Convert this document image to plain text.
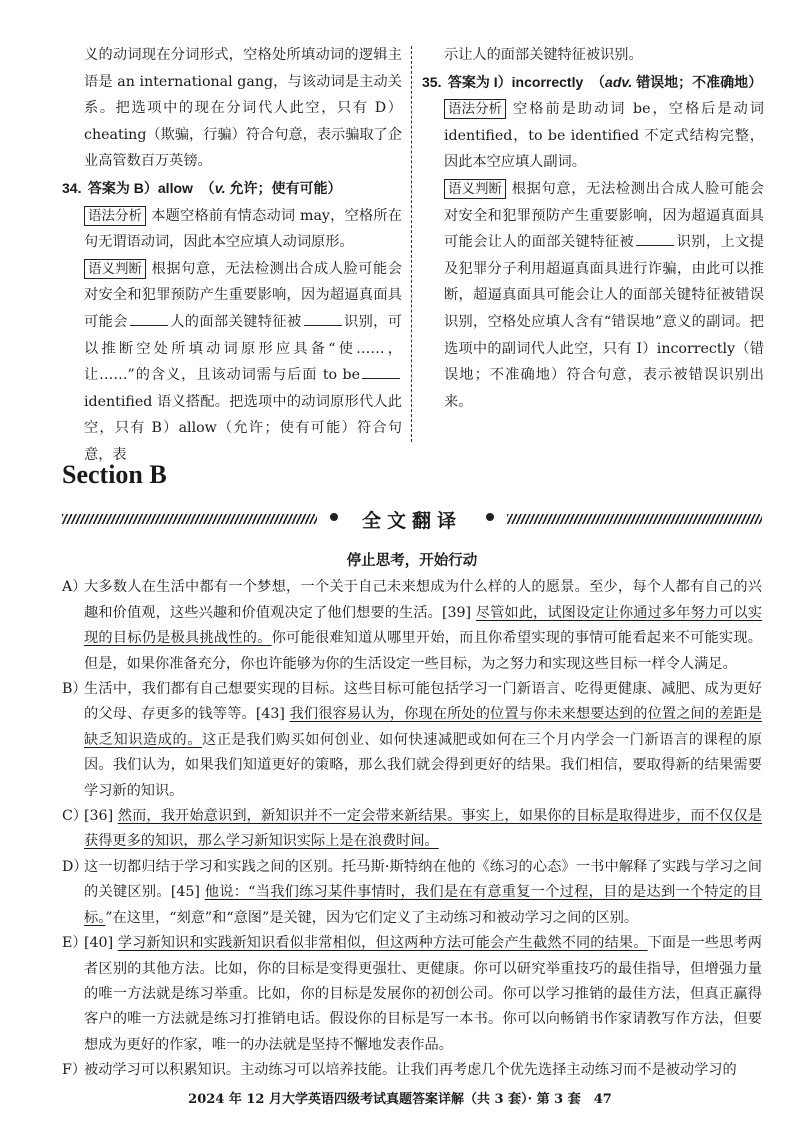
义的动词现在分词形式，空格处所填动词的逻辑主语是 an international gang，与该动词是主动关系。把选项中的现在分词代人此空，只有 D）cheating（欺骗，行骗）符合句意，表示骗取了企业高管数百万英镑。
34. 答案为 B）allow  （v. 允许；使有可能）
语法分析 本题空格前有情态动词 may，空格所在句无谓语动词，因此本空应填人动词原形。
语义判断 根据句意，无法检测出合成人脸可能会对安全和犯罪预防产生重要影响，因为超逼真面具可能会	人的面部关键特征被	识别，可以推断空处所填动词原形应具备“使……，让……”的含义，且该动词需与后面 to beidentified 语义搭配。把选项中的动词原形代人此空，只有 B）allow（允许；使有可能）符合句意，表
示让人的面部关键特征被识别。
35. 答案为 I）incorrectly  （adv. 错误地；不准确地）
语法分析 空格前是助动词 be，空格后是动词 identified，to be identified 不定式结构完整，因此本空应填人副词。
语义判断 根据句意，无法检测出合成人脸可能会对安全和犯罪预防产生重要影响，因为超逼真面具可能会让人的面部关键特征被	识别，上文提及犯罪分子利用超逼真面具进行诈骗，由此可以推断，超逼真面具可能会让人的面部关键特征被错误识别，空格处应填人含有“错误地”意义的副词。把选项中的副词代人此空，只有 I）incorrectly（错误地；不准确地）符合句意，表示被错误识别出来。
Section B
全文翻译
停止思考，开始行动

A）
大多数人在生活中都有一个梦想，一个关于自己未来想成为什么样的人的愿景。至少，每个人都有自己的兴趣和价值观，这些兴趣和价值观决定了他们想要的生活。[39] 尽管如此，试图设定让你通过多年努力可以实现的目标仍是极具挑战性的。你可能很难知道从哪里开始，而且你希望实现的事情可能看起来不可能实现。但是，如果你准备充分，你也许能够为你的生活设定一些目标，为之努力和实现这些目标一样令人满足。

B）
生活中，我们都有自己想要实现的目标。这些目标可能包括学习一门新语言、吃得更健康、减肥、成为更好的父母、存更多的钱等等。[43] 我们很容易认为，你现在所处的位置与你未来想要达到的位置之间的差距是缺乏知识造成的。这正是我们购买如何创业、如何快速减肥或如何在三个月内学会一门新语言的课程的原因。我们认为，如果我们知道更好的策略，那么我们就会得到更好的结果。我们相信，要取得新的结果需要学习新的知识。

C）
[36] 然而，我开始意识到，新知识并不一定会带来新结果。事实上，如果你的目标是取得进步，而不仅仅是获得更多的知识，那么学习新知识实际上是在浪费时间。

D）
这一切都归结于学习和实践之间的区别。托马斯·斯特纳在他的《练习的心态》一书中解释了实践与学习之间的关键区别。[45] 他说：“当我们练习某件事情时，我们是在有意重复一个过程，目的是达到一个特定的目标。”在这里，“刻意”和“意图”是关键，因为它们定义了主动练习和被动学习之间的区别。

E）
[40] 学习新知识和实践新知识看似非常相似，但这两种方法可能会产生截然不同的结果。下面是一些思考两者区别的其他方法。比如，你的目标是变得更强壮、更健康。你可以研究举重技巧的最佳指导，但增强力量的唯一方法就是练习举重。比如，你的目标是发展你的初创公司。你可以学习推销的最佳方法，但真正赢得客户的唯一方法就是练习打推销电话。假设你的目标是写一本书。你可以向畅销书作家请教写作方法，但要想成为更好的作家，唯一的办法就是坚持不懈地发表作品。

F）
被动学习可以积累知识。主动练习可以培养技能。让我们再考虑几个优先选择主动练习而不是被动学习的

2024 年 12 月大学英语四级考试真题答案详解（共 3 套）· 第 3 套　47
